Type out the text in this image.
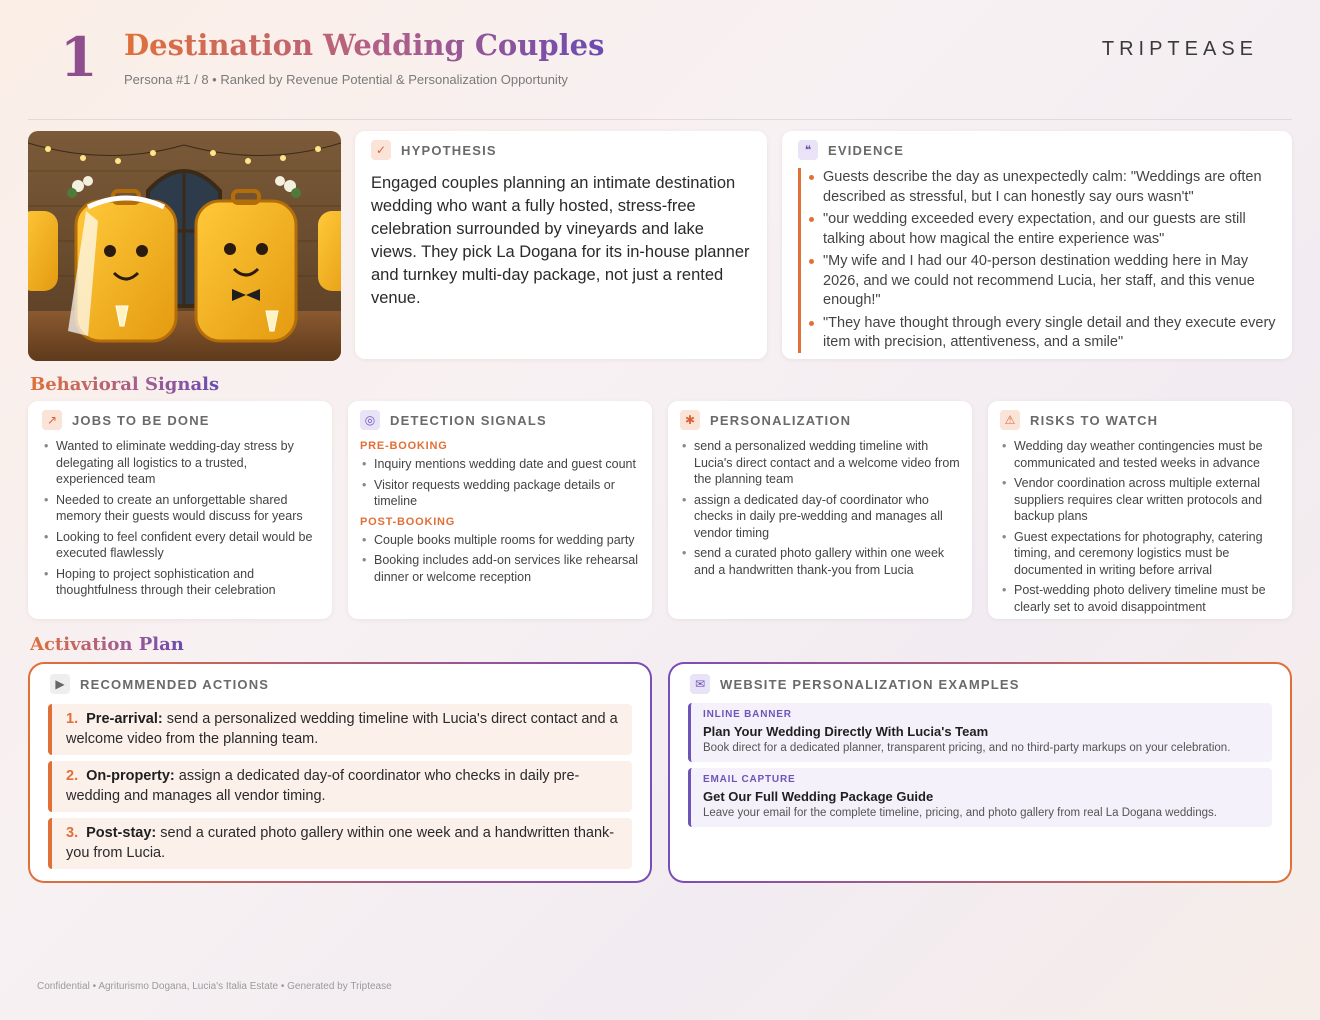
1 Destination Wedding Couples
Persona #1 / 8 • Ranked by Revenue Potential & Personalization Opportunity
TRIPTEASE
✓	HYPOTHESIS
Engaged couples planning an intimate destination wedding who want a fully hosted, stress-free celebration surrounded by vineyards and lake views. They pick La Dogana for its in-house planner and turnkey multi-day package, not just a rented venue.
❝	EVIDENCE
Guests describe the day as unexpectedly calm: "Weddings are often described as stressful, but I can honestly say ours wasn't"
"our wedding exceeded every expectation, and our guests are still talking about how magical the entire experience was"
"My wife and I had our 40-person destination wedding here in May 2026, and we could not recommend Lucia, her staff, and this venue enough!"
"They have thought through every single detail and they execute every item with precision, attentiveness, and a smile"
Behavioral Signals
↗	JOBS TO BE DONE
• Wanted to eliminate wedding-day stress by delegating all logistics to a trusted, experienced team
• Needed to create an unforgettable shared memory their guests would discuss for years
• Looking to feel confident every detail would be executed flawlessly
• Hoping to project sophistication and thoughtfulness through their celebration
◎	DETECTION SIGNALS
PRE-BOOKING
• Inquiry mentions wedding date and guest count
• Visitor requests wedding package details or timeline
POST-BOOKING
• Couple books multiple rooms for wedding party
• Booking includes add-on services like rehearsal dinner or welcome reception
✱	PERSONALIZATION
• send a personalized wedding timeline with Lucia's direct contact and a welcome video from the planning team
• assign a dedicated day-of coordinator who checks in daily pre-wedding and manages all vendor timing
• send a curated photo gallery within one week and a handwritten thank-you from Lucia
⚠	RISKS TO WATCH
• Wedding day weather contingencies must be communicated and tested weeks in advance
• Vendor coordination across multiple external suppliers requires clear written protocols and backup plans
• Guest expectations for photography, catering timing, and ceremony logistics must be documented in writing before arrival
• Post-wedding photo delivery timeline must be clearly set to avoid disappointment
Activation Plan
▶	RECOMMENDED ACTIONS
1. Pre-arrival: send a personalized wedding timeline with Lucia's direct contact and a welcome video from the planning team.
2. On-property: assign a dedicated day-of coordinator who checks in daily pre-wedding and manages all vendor timing.
3. Post-stay: send a curated photo gallery within one week and a handwritten thank-you from Lucia.
✉	WEBSITE PERSONALIZATION EXAMPLES
INLINE BANNER
Plan Your Wedding Directly With Lucia's Team
Book direct for a dedicated planner, transparent pricing, and no third-party markups on your celebration.
EMAIL CAPTURE
Get Our Full Wedding Package Guide
Leave your email for the complete timeline, pricing, and photo gallery from real La Dogana weddings.
Confidential • Agriturismo Dogana, Lucia's Italia Estate • Generated by Triptease
